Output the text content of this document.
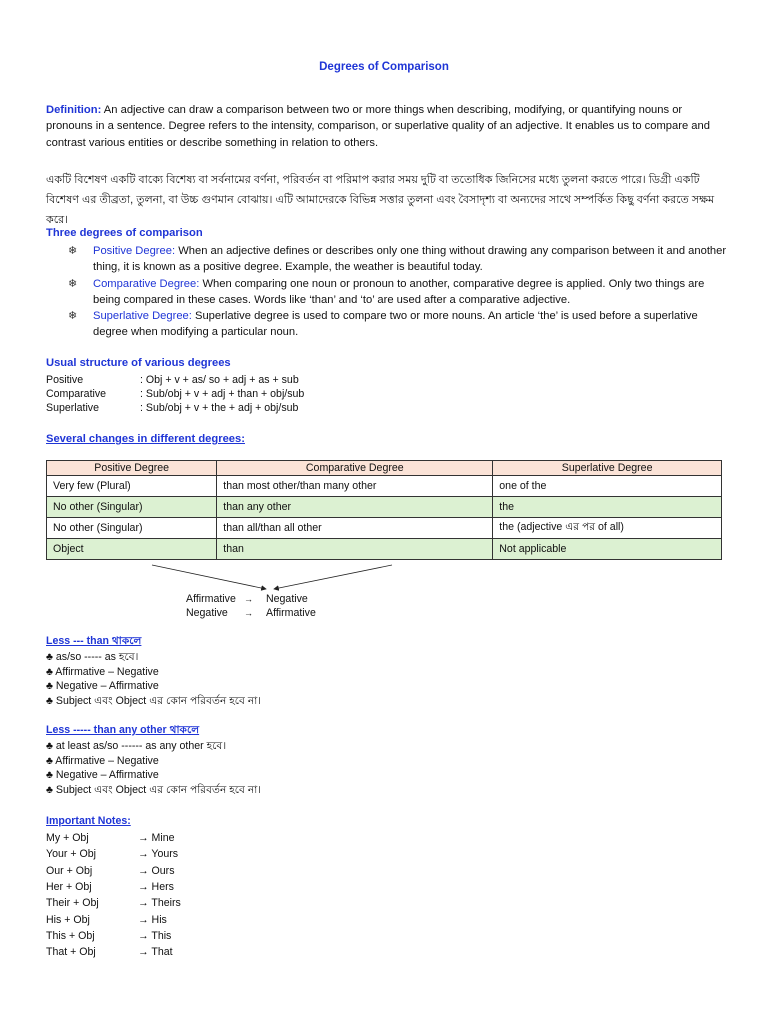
Degrees of Comparison
Definition: An adjective can draw a comparison between two or more things when describing, modifying, or quantifying nouns or pronouns in a sentence. Degree refers to the intensity, comparison, or superlative quality of an adjective. It enables us to compare and contrast various entities or describe something in relation to others.
একটি বিশেষণ একটি বাক্যে বিশেষ্য বা সর্বনামের বর্ণনা, পরিবর্তন বা পরিমাপ করার সময় দুটি বা ততোধিক জিনিসের মধ্যে তুলনা করতে পারে। ডিগ্রী একটি বিশেষণ এর তীব্রতা, তুলনা, বা উচ্চ গুণমান বোঝায়। এটি আমাদেরকে বিভিন্ন সত্তার তুলনা এবং বৈসাদৃশ্য বা অন্যদের সাথে সম্পর্কিত কিছু বর্ণনা করতে সক্ষম করে।
Three degrees of comparison
❄	Positive Degree: When an adjective defines or describes only one thing without drawing any comparison between it and another thing, it is known as a positive degree. Example, the weather is beautiful today.
❄	Comparative Degree: When comparing one noun or pronoun to another, comparative degree is applied. Only two things are being compared in these cases. Words like ‘than’ and ‘to’ are used after a comparative adjective.
❄	Superlative Degree: Superlative degree is used to compare two or more nouns. An article ‘the’ is used before a superlative degree when modifying a particular noun.
Usual structure of various degrees
Positive	: Obj + v + as/ so + adj + as + sub
Comparative	: Sub/obj + v + adj + than + obj/sub
Superlative	: Sub/obj + v + the + adj + obj/sub
Several changes in different degrees:
Positive Degree	Comparative Degree	Superlative Degree
Very few (Plural)	than most other/than many other	one of the
No other (Singular)	than any other	the
No other (Singular)	than all/than all other	the (adjective এর পর of all)
Object	than	Not applicable
Affirmative → Negative
Negative → Affirmative
Less --- than থাকলে
♣ as/so ----- as হবে।
♣ Affirmative – Negative
♣ Negative – Affirmative
♣ Subject এবং Object এর কোন পরিবর্তন হবে না।
Less ----- than any other থাকলে
♣ at least as/so ------ as any other হবে।
♣ Affirmative – Negative
♣ Negative – Affirmative
♣ Subject এবং Object এর কোন পরিবর্তন হবে না।
Important Notes:
My + Obj	→ Mine
Your + Obj	→ Yours
Our + Obj	→ Ours
Her + Obj	→ Hers
Their + Obj	→ Theirs
His + Obj	→ His
This + Obj	→ This
That + Obj	→ That
